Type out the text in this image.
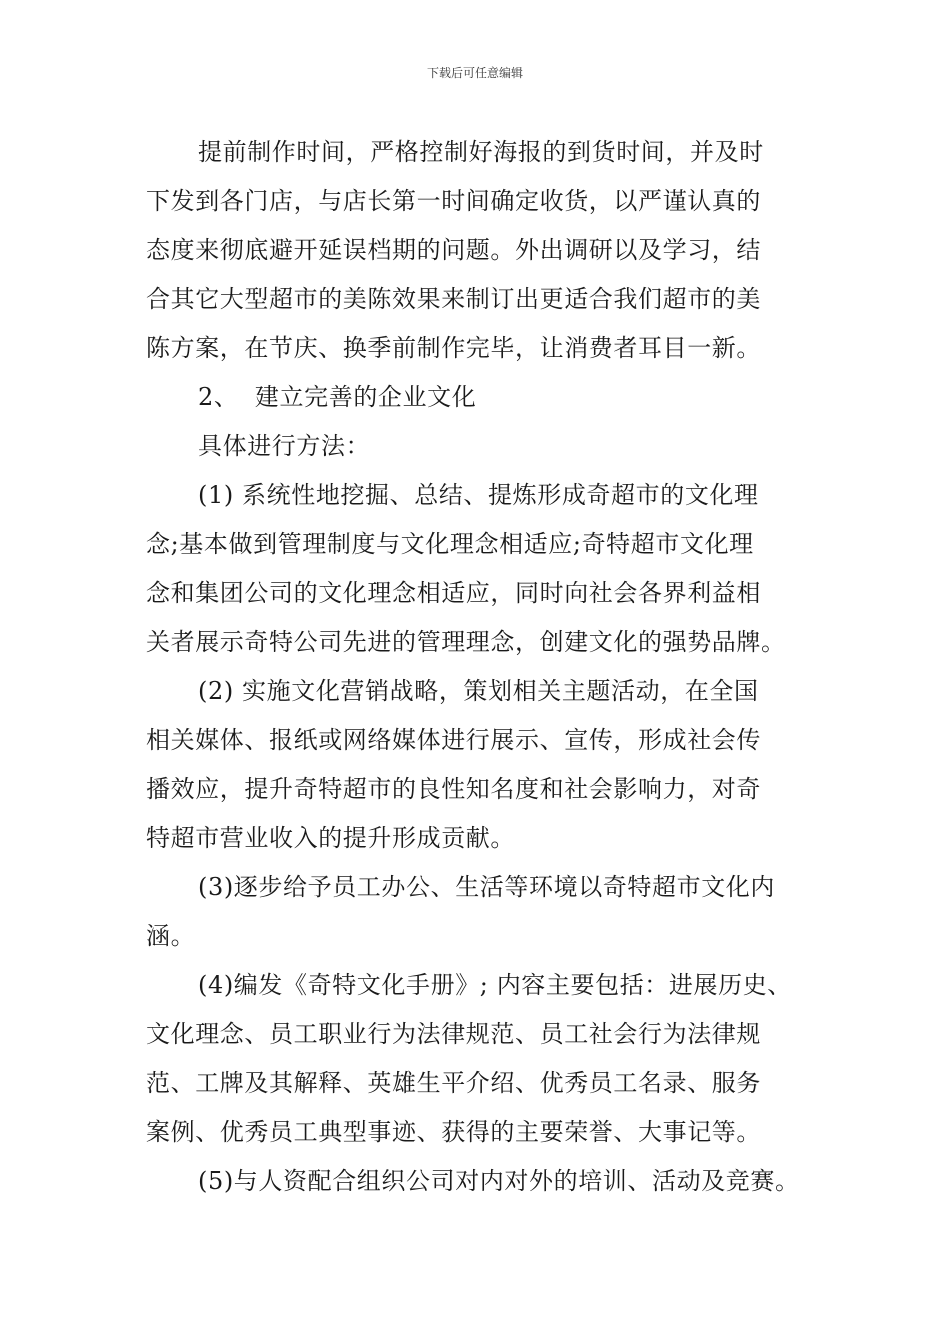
下载后可任意编辑
提前制作时间，严格控制好海报的到货时间，并及时
下发到各门店，与店长第一时间确定收货，以严谨认真的
态度来彻底避开延误档期的问题。外出调研以及学习，结
合其它大型超市的美陈效果来制订出更适合我们超市的美
陈方案，在节庆、换季前制作完毕，让消费者耳目一新。
2、  建立完善的企业文化
具体进行方法：
(1) 系统性地挖掘、总结、提炼形成奇超市的文化理
念;基本做到管理制度与文化理念相适应;奇特超市文化理
念和集团公司的文化理念相适应，同时向社会各界利益相
关者展示奇特公司先进的管理理念，创建文化的强势品牌。
(2) 实施文化营销战略，策划相关主题活动，在全国
相关媒体、报纸或网络媒体进行展示、宣传，形成社会传
播效应，提升奇特超市的良性知名度和社会影响力，对奇
特超市营业收入的提升形成贡献。
(3)逐步给予员工办公、生活等环境以奇特超市文化内
涵。
(4)编发《奇特文化手册》; 内容主要包括：进展历史、
文化理念、员工职业行为法律规范、员工社会行为法律规
范、工牌及其解释、英雄生平介绍、优秀员工名录、服务
案例、优秀员工典型事迹、获得的主要荣誉、大事记等。
(5)与人资配合组织公司对内对外的培训、活动及竞赛。
